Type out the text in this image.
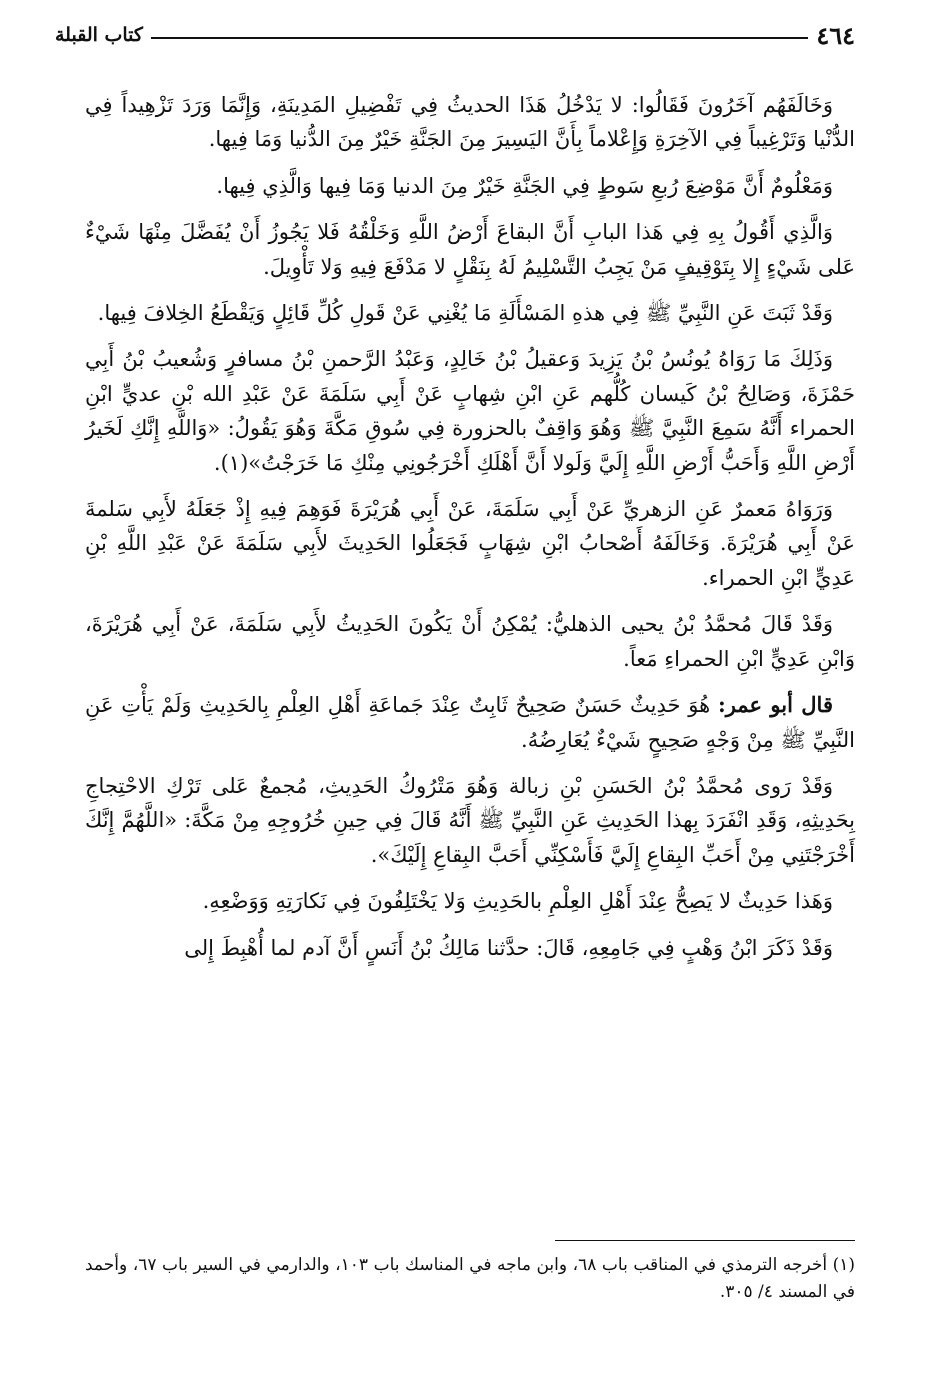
٤٦٤
كتاب القبلة

وَخَالَفَهُم آخَرُونَ فَقَالُوا: لا يَدْخُلُ هَذَا الحديثُ فِي تَفْضِيلِ المَدِينَةِ، وَإِنَّمَا وَرَدَ تَزْهِيداً فِي الدُّنْيا وَتَرْغِيباً فِي الآخِرَةِ وَإِعْلاماً بِأَنَّ اليَسِيرَ مِنَ الجَنَّةِ خَيْرٌ مِنَ الدُّنيا وَمَا فِيها.

وَمَعْلُومٌ أَنَّ مَوْضِعَ رُبعِ سَوطٍ فِي الجَنَّةِ خَيْرٌ مِنَ الدنيا وَمَا فِيها وَالَّذِي فِيها.

وَالَّذِي أَقُولُ بِهِ فِي هَذا البابِ أَنَّ البقاعَ أَرْضُ اللَّهِ وَخَلْقُهُ فَلا يَجُوزُ أَنْ يُفَضَّلَ مِنْهَا شَيْءٌ عَلى شَيْءٍ إِلا بِتَوْقِيفٍ مَنْ يَجِبُ التَّسْلِيمُ لَهُ بِنَقْلٍ لا مَدْفَعَ فِيهِ وَلا تَأْوِيلَ.

وَقَدْ ثَبَتَ عَنِ النَّبِيِّ ﷺ فِي هذهِ المَسْأَلَةِ مَا يُغْنِي عَنْ قَولِ كُلِّ قَائِلٍ وَيَقْطَعُ الخِلافَ فِيها.

وَذَلِكَ مَا رَوَاهُ يُونُسُ بْنُ يَزِيدَ وَعقيلُ بْنُ خَالِدٍ، وَعَبْدُ الرَّحمنِ بْنُ مسافرٍ وَشُعيبُ بْنُ أَبِي حَمْزَةَ، وَصَالِحُ بْنُ كَيسان كُلُّهم عَنِ ابْنِ شِهابٍ عَنْ أَبِي سَلَمَةَ عَنْ عَبْدِ الله بْنِ عديٍّ ابْنِ الحمراء أَنَّهُ سَمِعَ النَّبِيَّ ﷺ وَهُوَ وَاقِفٌ بالحزورة فِي سُوقِ مَكَّةَ وَهُوَ يَقُولُ: «وَاللَّهِ إِنَّكِ لَخَيرُ أَرْضِ اللَّهِ وَأَحَبُّ أَرْضِ اللَّهِ إِلَيَّ وَلَولا أَنَّ أَهْلَكِ أَخْرَجُونِي مِنْكِ مَا خَرَجْتُ»(١).

وَرَوَاهُ مَعمرٌ عَنِ الزهريِّ عَنْ أَبِي سَلَمَةَ، عَنْ أَبِي هُرَيْرَةَ فَوَهِمَ فِيهِ إِذْ جَعَلَهُ لأَبِي سَلمةَ عَنْ أَبِي هُرَيْرَةَ. وَخَالَفَهُ أَصْحابُ ابْنِ شِهَابٍ فَجَعَلُوا الحَدِيثَ لأَبِي سَلَمَةَ عَنْ عَبْدِ اللَّهِ بْنِ عَدِيٍّ ابْنِ الحمراء.

وَقَدْ قَالَ مُحمَّدُ بْنُ يحيى الذهليُّ: يُمْكِنُ أَنْ يَكُونَ الحَدِيثُ لأَبِي سَلَمَةَ، عَنْ أَبِي هُرَيْرَةَ، وَابْنِ عَدِيٍّ ابْنِ الحمراءِ مَعاً.

قال أبو عمر: هُوَ حَدِيثٌ حَسَنٌ صَحِيحٌ ثَابِتٌ عِنْدَ جَماعَةِ أَهْلِ العِلْمِ بِالحَدِيثِ وَلَمْ يَأْتِ عَنِ النَّبِيِّ ﷺ مِنْ وَجْهٍ صَحِيحٍ شَيْءٌ يُعَارِضُهُ.

وَقَدْ رَوى مُحمَّدُ بْنُ الحَسَنِ بْنِ زبالة وَهُوَ مَتْرُوكُ الحَدِيثِ، مُجمعٌ عَلى تَرْكِ الاحْتِجاجِ بِحَدِيثِهِ، وَقَدِ انْفَرَدَ بِهذا الحَدِيثِ عَنِ النَّبِيِّ ﷺ أَنَّهُ قَالَ فِي حِينِ خُرُوجِهِ مِنْ مَكَّةَ: «اللَّهُمَّ إِنَّكَ أَخْرَجْتَنِي مِنْ أَحَبِّ البِقاعِ إِلَيَّ فَأَسْكِنِّي أَحَبَّ البِقاعِ إِلَيْكَ».

وَهَذا حَدِيثٌ لا يَصِحُّ عِنْدَ أَهْلِ العِلْمِ بالحَدِيثِ وَلا يَخْتَلِفُونَ فِي نَكارَتِهِ وَوَضْعِهِ.

وَقَدْ ذَكَرَ ابْنُ وَهْبٍ فِي جَامِعِهِ، قَالَ: حدَّثنا مَالِكُ بْنُ أَنَسٍ أَنَّ آدم لما أُهْبِطَ إِلى

(١) أخرجه الترمذي في المناقب باب ٦٨، وابن ماجه في المناسك باب ١٠٣، والدارمي في السير باب ٦٧، وأحمد في المسند ٤/ ٣٠٥.
